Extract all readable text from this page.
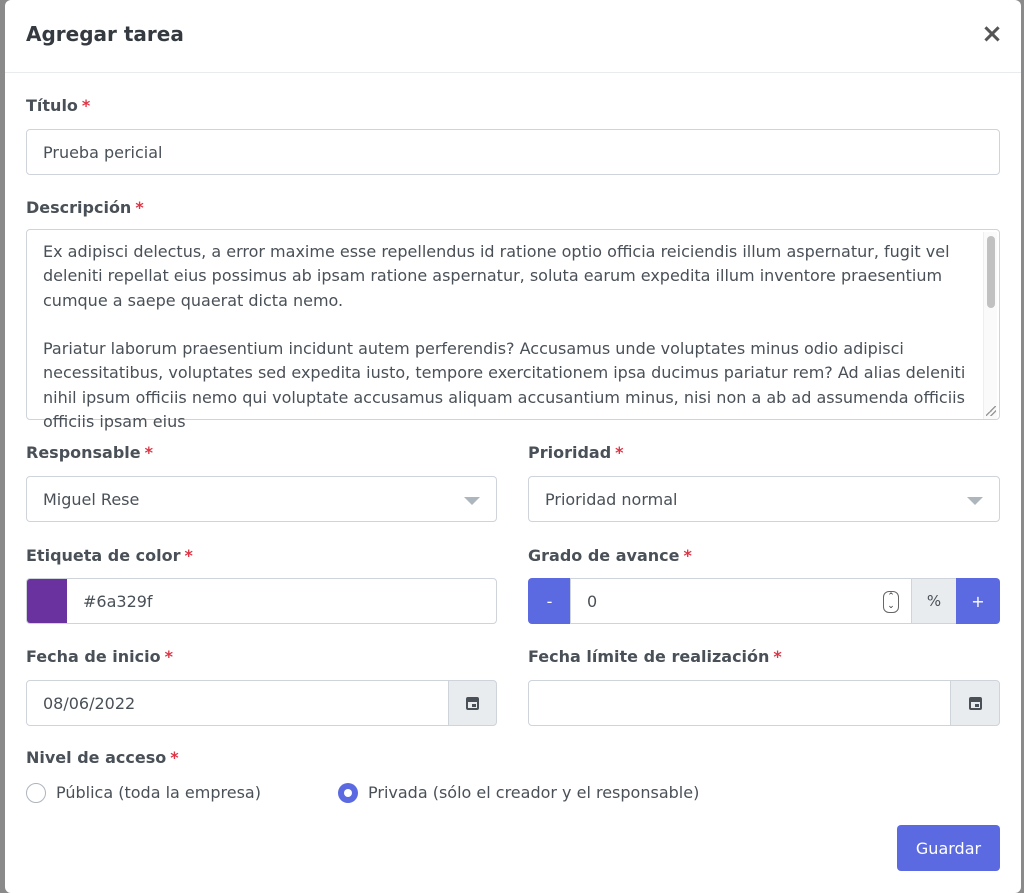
Agregar tarea	×
Título *
Prueba pericial
Descripción *
Ex adipisci delectus, a error maxime esse repellendus id ratione optio officia reiciendis illum aspernatur, fugit vel deleniti repellat eius possimus ab ipsam ratione aspernatur, soluta earum expedita illum inventore praesentium cumque a saepe quaerat dicta nemo.

Pariatur laborum praesentium incidunt autem perferendis? Accusamus unde voluptates minus odio adipisci necessitatibus, voluptates sed expedita iusto, tempore exercitationem ipsa ducimus pariatur rem? Ad alias deleniti nihil ipsum officiis nemo qui voluptate accusamus aliquam accusantium minus, nisi non a ab ad assumenda officiis officiis ipsam eius
Responsable *
Miguel Rese
Prioridad *
Prioridad normal
Etiqueta de color *
#6a329f
Grado de avance *
-	0	⌃
⌄	%	+
Fecha de inicio *
08/06/2022
Fecha límite de realización *
Nivel de acceso *
Pública (toda la empresa)	Privada (sólo el creador y el responsable)
Guardar
